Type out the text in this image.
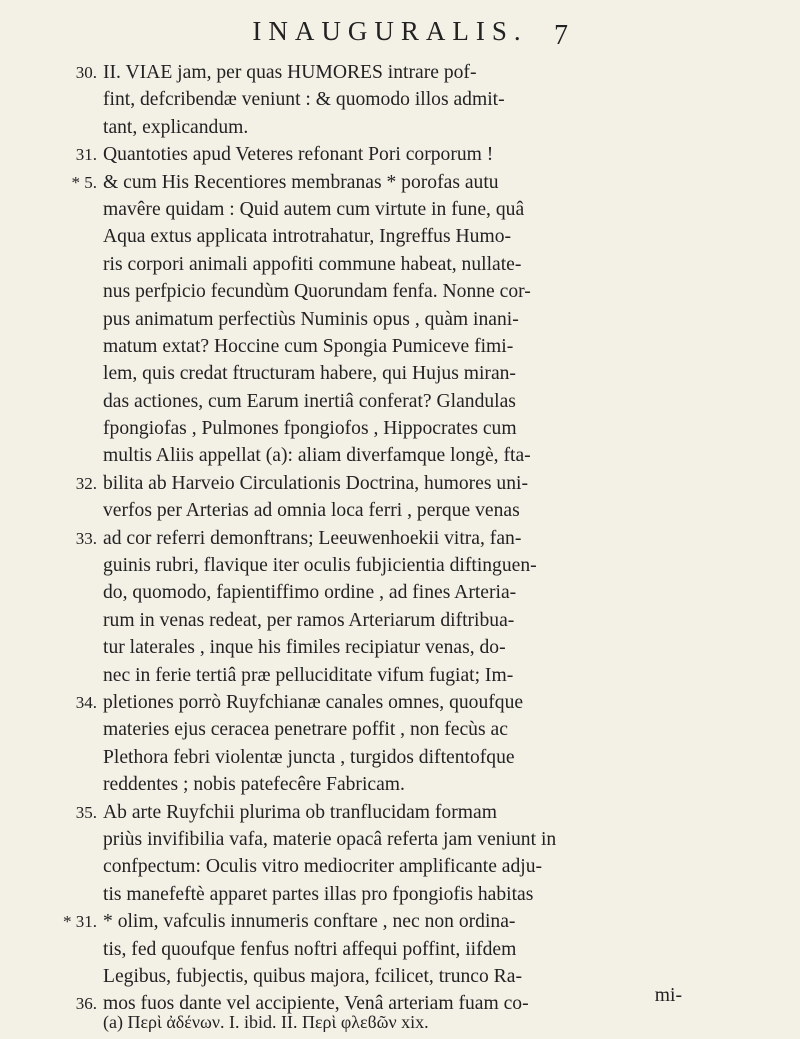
INAUGURALIS. 7
30. II. VIAE jam, per quas HUMORES intrare pof-
fint, defcribendæ veniunt : & quomodo illos admit-
tant, explicandum.
31. Quantoties apud Veteres refonant Pori corporum !
* 5. & cum His Recentiores membranas * porofas autu
mavêre quidam : Quid autem cum virtute in fune, quâ
Aqua extus applicata introtrahatur, Ingreffus Humo-
ris corpori animali appofiti commune habeat, nullate-
nus perfpicio fecundùm Quorundam fenfa. Nonne cor-
pus animatum perfectiùs Numinis opus , quàm inani-
matum extat? Hoccine cum Spongia Pumiceve fimi-
lem, quis credat ftructuram habere, qui Hujus miran-
das actiones, cum Earum inertiâ conferat? Glandulas
fpongiofas , Pulmones fpongiofos , Hippocrates cum
multis Aliis appellat (a): aliam diverfamque longè, fta-
32. bilita ab Harveio Circulationis Doctrina, humores uni-
verfos per Arterias ad omnia loca ferri , perque venas
33. ad cor referri demonftrans; Leeuwenhoekii vitra, fan-
guinis rubri, flavique iter oculis fubjicientia diftinguen-
do, quomodo, fapientiffimo ordine , ad fines Arteria-
rum in venas redeat, per ramos Arteriarum diftribua-
tur laterales , inque his fimiles recipiatur venas, do-
nec in ferie tertiâ præ pelluciditate vifum fugiat; Im-
34. pletiones porrò Ruyfchianæ canales omnes, quoufque
materies ejus ceracea penetrare poffit , non fecùs ac
Plethora febri violentæ juncta , turgidos diftentofque
reddentes ; nobis patefecêre Fabricam.
35. Ab arte Ruyfchii plurima ob tranflucidam formam
priùs invifibilia vafa, materie opacâ referta jam veniunt in
confpectum: Oculis vitro mediocriter amplificante adju-
tis manefeftè apparet partes illas pro fpongiofis habitas
* 31. * olim, vafculis innumeris conftare , nec non ordina-
tis, fed quoufque fenfus noftri affequi poffint, iifdem
Legibus, fubjectis, quibus majora, fcilicet, trunco Ra-
36. mos fuos dante vel accipiente, Venâ arteriam fuam co-	mi-
(a) Περὶ ἀδένων. I. ibid. II. Περὶ φλεϐῶν xix.
